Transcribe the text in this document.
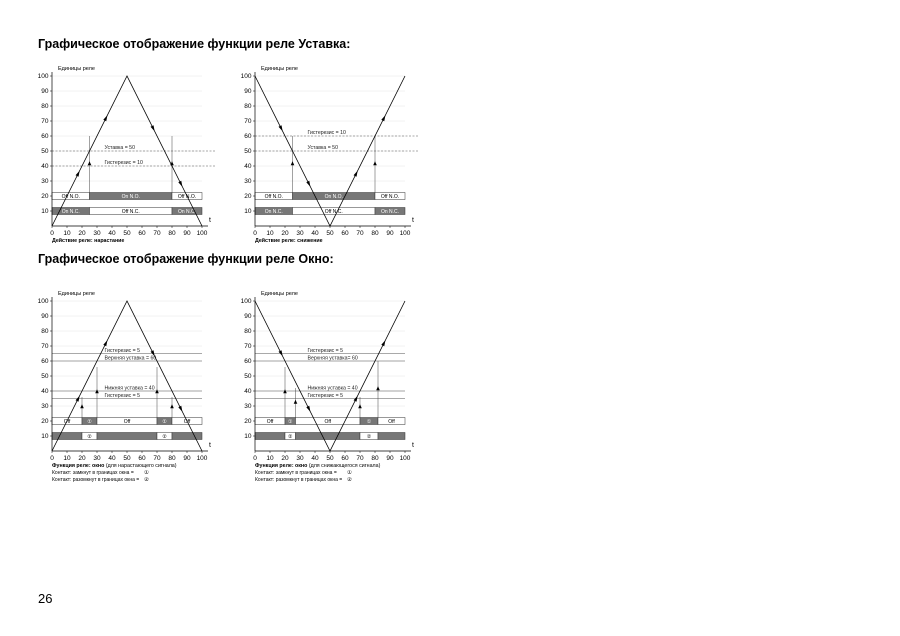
Графическое отображение функции реле Уставка:
Графическое отображение функции реле Окно:
Уставка = 50
Гистерезис = 10
Off N.O.	On N.O.	Off N.O.
On N.C.	Off N.C.	On N.C.
10
20
30
40
50
60
70
80
90
100
0 10 20 30 40 50 60 70 80 90 100
Единицы реле
t
Действие реле: нарастание
Гистерезис = 10
Уставка = 50
Off N.O.	On N.O.	Off N.O.
On N.C.	Off N.C.	On N.C.
10
20
30
40
50
60
70
80
90
100
0 10 20 30 40 50 60 70 80 90 100
Единицы реле
t
Действие реле: снижение
Гистерезис = 5
Верхняя уставка = 60
Нижняя уставка = 40
Гистерезис = 5
Off	①	Off	①	Off
②	②
10
20
30
40
50
60
70
80
90
100
0 10 20 30 40 50 60 70 80 90 100
Единицы реле
t
Функция реле: окно (для нарастающего сигнала)
Контакт: замкнут в границах окна = ①
Контакт: разомкнут в границах окна = ②
Гистерезис = 5
Верхняя уставка= 60
Нижняя уставка = 40
Гистерезис = 5
Off	①	Off	①	Off
②	②
10
20
30
40
50
60
70
80
90
100
0 10 20 30 40 50 60 70 80 90 100
Единицы реле
t
Функция реле: окно (для снижающегося сигнала)
Контакт: замкнут в границах окна = ①
Контакт: разомкнут в границах окна = ②
26
